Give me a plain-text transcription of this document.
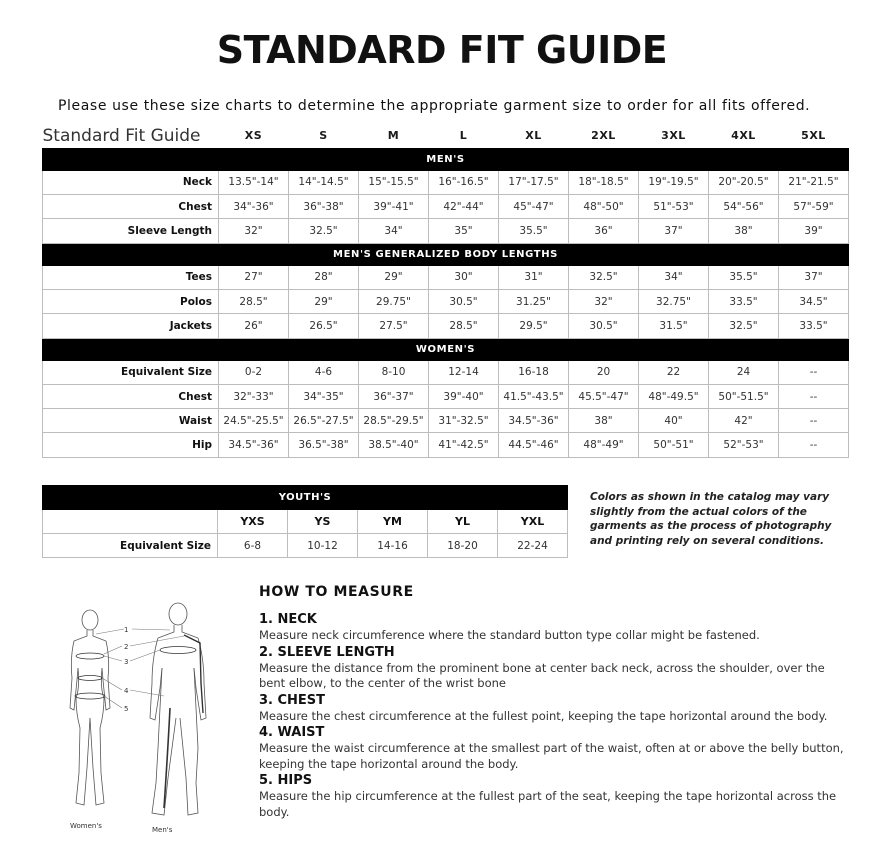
STANDARD FIT GUIDE
Please use these size charts to determine the appropriate garment size to order for all fits offered.
Standard Fit Guide	XS	S	M	L	XL	2XL	3XL	4XL	5XL
MEN'S									
Neck	13.5"-14"	14"-14.5"	15"-15.5"	16"-16.5"	17"-17.5"	18"-18.5"	19"-19.5"	20"-20.5"	21"-21.5"
Chest	34"-36"	36"-38"	39"-41"	42"-44"	45"-47"	48"-50"	51"-53"	54"-56"	57"-59"
Sleeve Length	32"	32.5"	34"	35"	35.5"	36"	37"	38"	39"
MEN'S GENERALIZED BODY LENGTHS									
Tees	27"	28"	29"	30"	31"	32.5"	34"	35.5"	37"
Polos	28.5"	29"	29.75"	30.5"	31.25"	32"	32.75"	33.5"	34.5"
Jackets	26"	26.5"	27.5"	28.5"	29.5"	30.5"	31.5"	32.5"	33.5"
WOMEN'S									
Equivalent Size	0-2	4-6	8-10	12-14	16-18	20	22	24	--
Chest	32"-33"	34"-35"	36"-37"	39"-40"	41.5"-43.5"	45.5"-47"	48"-49.5"	50"-51.5"	--
Waist	24.5"-25.5"	26.5"-27.5"	28.5"-29.5"	31"-32.5"	34.5"-36"	38"	40"	42"	--
Hip	34.5"-36"	36.5"-38"	38.5"-40"	41"-42.5"	44.5"-46"	48"-49"	50"-51"	52"-53"	--
YOUTH'S					
	YXS	YS	YM	YL	YXL
Equivalent Size	6-8	10-12	14-16	18-20	22-24
Colors as shown in the catalog may vary slightly from the actual colors of the garments as the process of photography and printing rely on several conditions.
1
2
3
4
5
Women's	Men's
HOW TO MEASURE
1. NECK

Measure neck circumference where the standard button type collar might be fastened.

2. SLEEVE LENGTH

Measure the distance from the prominent bone at center back neck, across the shoulder, over the bent elbow, to the center of the wrist bone

3. CHEST

Measure the chest circumference at the fullest point, keeping the tape horizontal around the body.

4. WAIST

Measure the waist circumference at the smallest part of the waist, often at or above the belly button, keeping the tape horizontal around the body.

5. HIPS

Measure the hip circumference at the fullest part of the seat, keeping the tape horizontal across the body.
